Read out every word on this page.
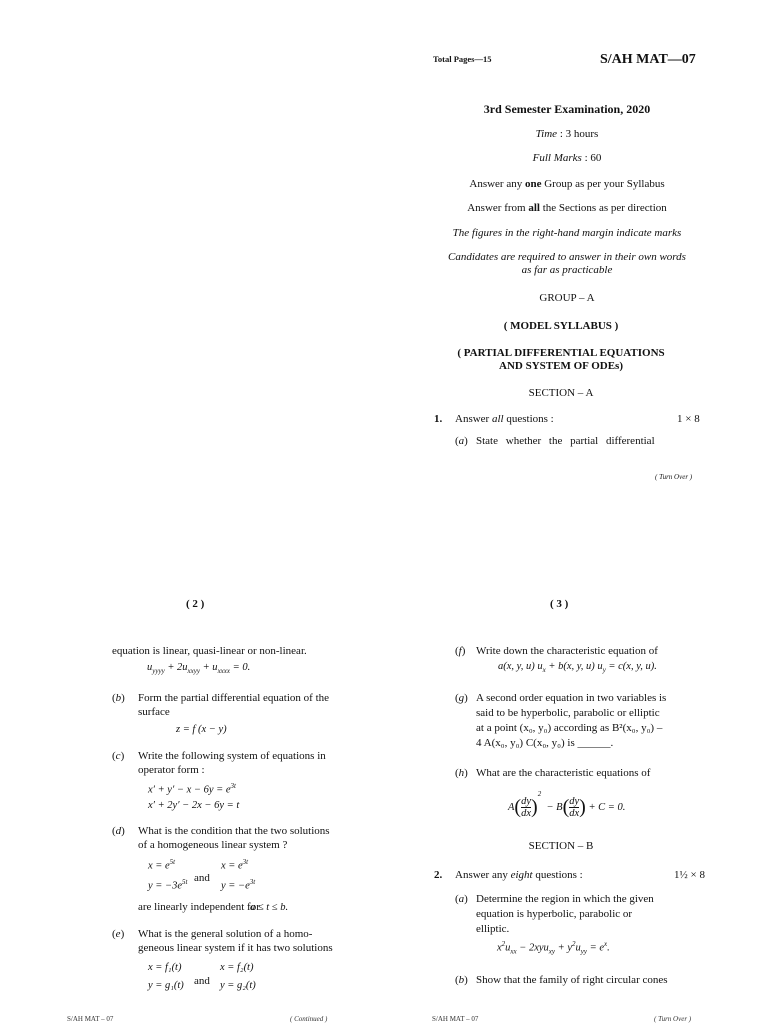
Total Pages—15	S/AH MAT—07
3rd Semester Examination, 2020
Time : 3 hours
Full Marks : 60
Answer any one Group as per your Syllabus
Answer from all the Sections as per direction
The figures in the right-hand margin indicate marks
Candidates are required to answer in their own words
as far as practicable
GROUP – A
( MODEL SYLLABUS )
( PARTIAL DIFFERENTIAL EQUATIONS
AND SYSTEM OF ODEs)
SECTION – A
1. Answer all questions :	1 × 8
(a) State whether the partial differential
( Turn Over )
( 2 )
equation is linear, quasi-linear or non-linear.
$u_{yyyy} + 2u_{xxyy} + u_{xxxx} = 0$.
(b) Form the partial differential equation of the
surface
z = f (x − y)
(c) Write the following system of equations in
operator form :
$x' + y' - x - 6y = e^{3t}$
x′ + 2y′ − 2x − 6y = t
(d) What is the condition that the two solutions
of a homogeneous linear system ?
$x = e^{5t}$
$y = -3e^{5t}$ and
$x = e^{3t}$
$y = -e^{3t}$
are linearly independent for
a ≤ t ≤ b.
(e) What is the general solution of a homo-
geneous linear system if it has two solutions
x = f₁(t)
y = g₁(t) and
x = f₂(t)
y = g₂(t)
S/AH MAT – 07	( Continued )
( 3 )
(f) Write down the characteristic equation of
a(x, y, u) $u_x + b(x$, y, u) $u_y = c(x$, y, u).
(g) A second order equation in two variables is
said to be hyperbolic, parabolic or elliptic
at a point (x₀, y₀) according as B²(x₀, y₀) –
4 A(x₀, y₀) C(x₀, y₀) is ______.
(h) What are the characteristic equations of
$A( \frac{dy}{dx} )^2 - B( \frac{dy}{dx}$ ) + C = 0.
SECTION – B
2. Answer any eight questions :	1½ × 8
(a) Determine the region in which the given
equation is hyperbolic, parabolic or
elliptic.
$x^2u_{xx} - 2xyu_{xy} + y^2u_{yy} = e^x$.
(b) Show that the family of right circular cones
S/AH MAT – 07	( Turn Over )
